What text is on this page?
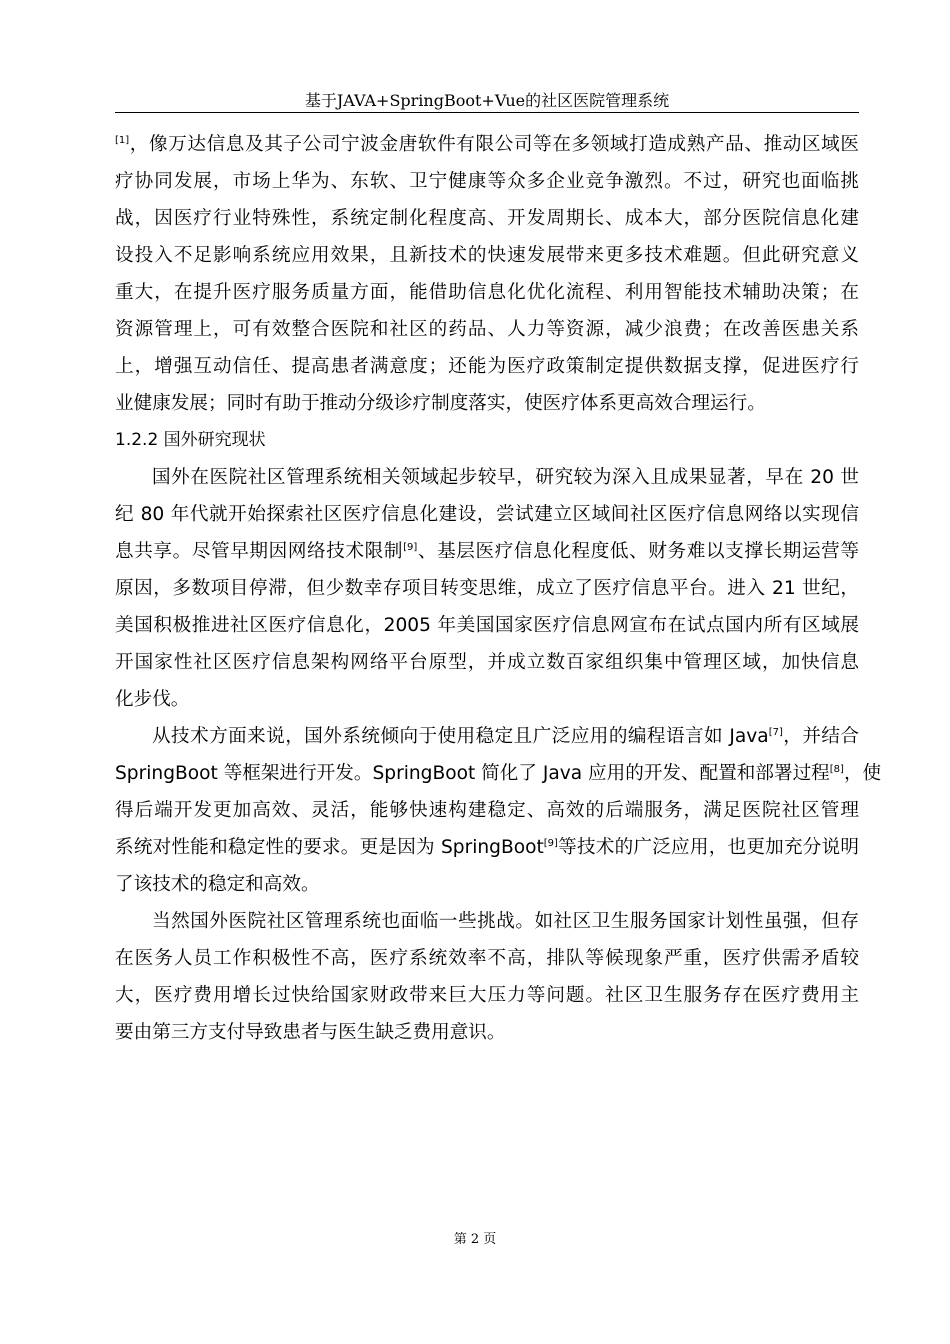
基于JAVA+SpringBoot+Vue的社区医院管理系统
[1]，像万达信息及其子公司宁波金唐软件有限公司等在多领域打造成熟产品、推动区域医
疗协同发展，市场上华为、东软、卫宁健康等众多企业竞争激烈。不过，研究也面临挑
战，因医疗行业特殊性，系统定制化程度高、开发周期长、成本大，部分医院信息化建
设投入不足影响系统应用效果，且新技术的快速发展带来更多技术难题。但此研究意义
重大，在提升医疗服务质量方面，能借助信息化优化流程、利用智能技术辅助决策；在
资源管理上，可有效整合医院和社区的药品、人力等资源，减少浪费；在改善医患关系
上，增强互动信任、提高患者满意度；还能为医疗政策制定提供数据支撑，促进医疗行
业健康发展；同时有助于推动分级诊疗制度落实，使医疗体系更高效合理运行。
1.2.2 国外研究现状
国外在医院社区管理系统相关领域起步较早，研究较为深入且成果显著，早在 20 世
纪 80 年代就开始探索社区医疗信息化建设，尝试建立区域间社区医疗信息网络以实现信
息共享。尽管早期因网络技术限制[9]、基层医疗信息化程度低、财务难以支撑长期运营等
原因，多数项目停滞，但少数幸存项目转变思维，成立了医疗信息平台。进入 21 世纪，
美国积极推进社区医疗信息化，2005 年美国国家医疗信息网宣布在试点国内所有区域展
开国家性社区医疗信息架构网络平台原型，并成立数百家组织集中管理区域，加快信息
化步伐。
从技术方面来说，国外系统倾向于使用稳定且广泛应用的编程语言如 Java[7]，并结合
SpringBoot 等框架进行开发。SpringBoot 简化了 Java 应用的开发、配置和部署过程[8]，使
得后端开发更加高效、灵活，能够快速构建稳定、高效的后端服务，满足医院社区管理
系统对性能和稳定性的要求。更是因为 SpringBoot[9]等技术的广泛应用，也更加充分说明
了该技术的稳定和高效。
当然国外医院社区管理系统也面临一些挑战。如社区卫生服务国家计划性虽强，但存
在医务人员工作积极性不高，医疗系统效率不高，排队等候现象严重，医疗供需矛盾较
大，医疗费用增长过快给国家财政带来巨大压力等问题。社区卫生服务存在医疗费用主
要由第三方支付导致患者与医生缺乏费用意识。
第 2 页
